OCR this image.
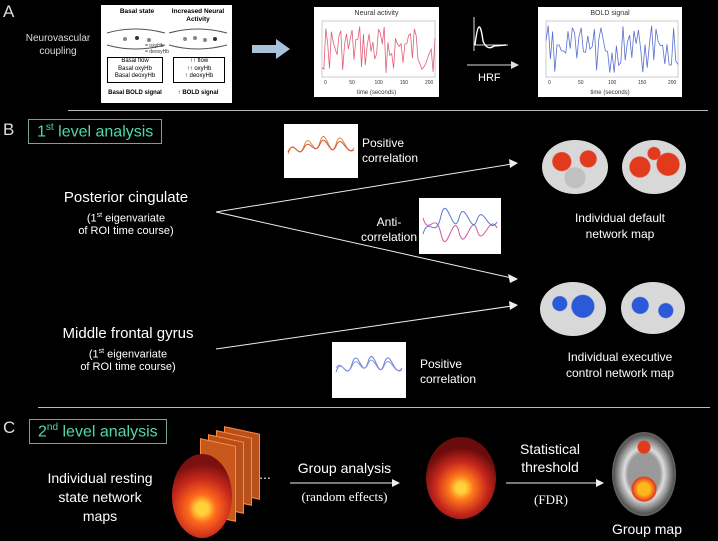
A
Neurovascular coupling
Basal state	Increased Neural Activity
= oxyHb
= deoxyHb
Basal flow
Basal oxyHb
Basal deoxyHb
↑↑ flow
↑↑ oxyHb
↑ deoxyHb
Basal BOLD signal	↑ BOLD signal
Neural activity
0	50	100	150	200
time (seconds)
HRF
BOLD signal
0	50	100	150	200
time (seconds)
B	1st level analysis
Positive
correlation
Anti-
correlation
Positive
correlation
Posterior cingulate
(1st eigenvariate
of ROI time course)
Middle frontal gyrus
(1st eigenvariate
of ROI time course)
Individual default
network map
Individual executive
control network map
C	2nd level analysis
Individual resting
state network
maps
...	Group analysis
(random effects)
Statistical
threshold
(FDR)
Group map
